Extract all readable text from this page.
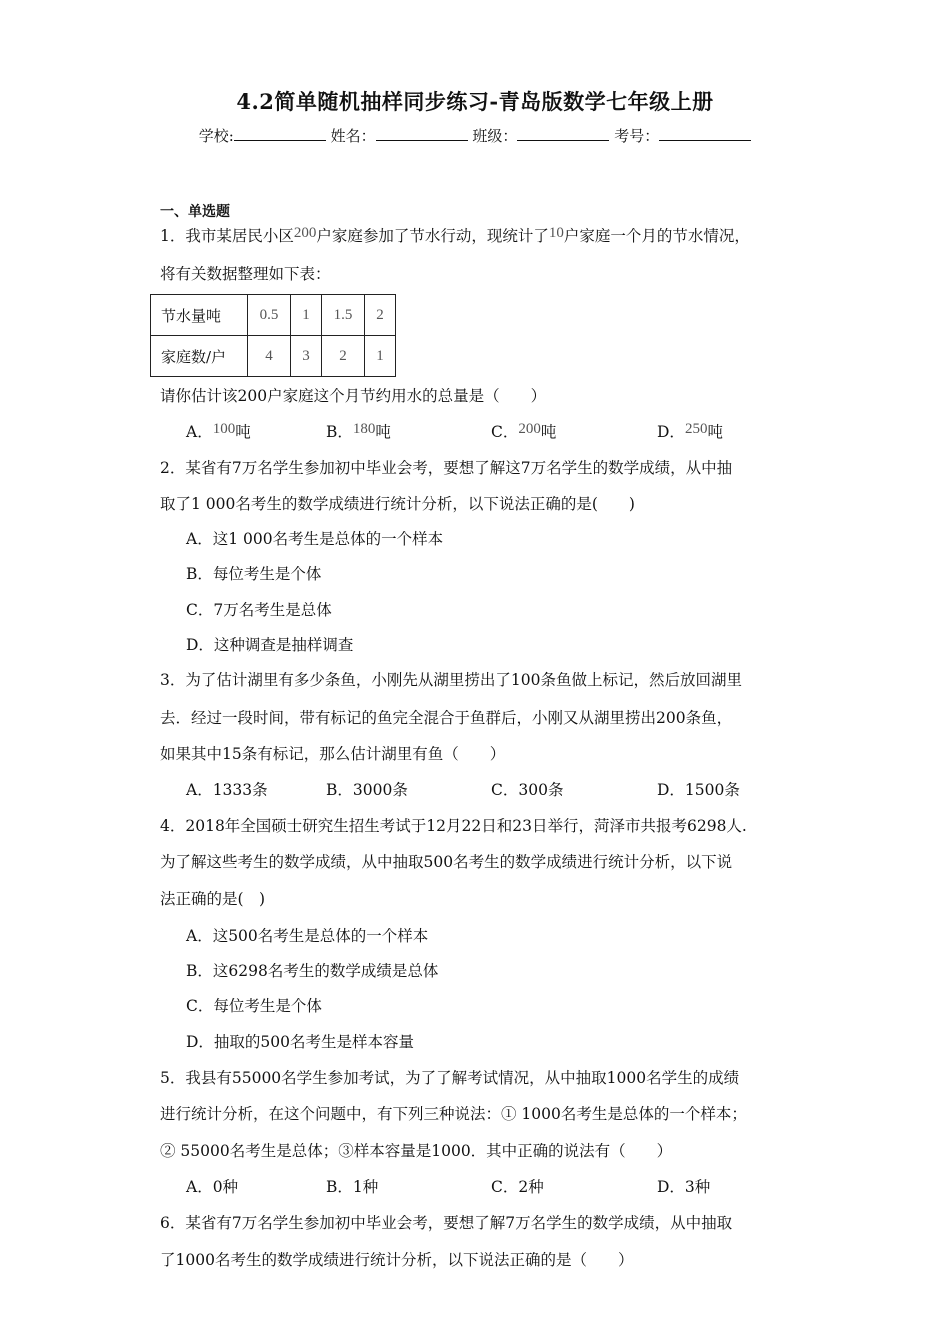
4.2简单随机抽样同步练习-青岛版数学七年级上册
学校:	姓名：	班级：	考号：
一、单选题
1．我市某居民小区200户家庭参加了节水行动，现统计了10户家庭一个月的节水情况，
将有关数据整理如下表：
节水量吨	0.5	1	1.5	2
家庭数/户	4	3	2	1
请你估计该200户家庭这个月节约用水的总量是（　　）
A．100吨	B．180吨	C．200吨	D．250吨
2．某省有7万名学生参加初中毕业会考，要想了解这7万名学生的数学成绩，从中抽
取了1 000名考生的数学成绩进行统计分析，以下说法正确的是(　　)
A．这1 000名考生是总体的一个样本
B．每位考生是个体
C．7万名考生是总体
D．这种调查是抽样调查
3．为了估计湖里有多少条鱼，小刚先从湖里捞出了100条鱼做上标记，然后放回湖里
去．经过一段时间，带有标记的鱼完全混合于鱼群后，小刚又从湖里捞出200条鱼，
如果其中15条有标记，那么估计湖里有鱼（　　）
A．1333条	B．3000条	C．300条	D．1500条
4．2018年全国硕士研究生招生考试于12月22日和23日举行，菏泽市共报考6298人.
为了解这些考生的数学成绩，从中抽取500名考生的数学成绩进行统计分析，以下说
法正确的是(　)
A．这500名考生是总体的一个样本
B．这6298名考生的数学成绩是总体
C．每位考生是个体
D．抽取的500名考生是样本容量
5．我县有55000名学生参加考试，为了了解考试情况，从中抽取1000名学生的成绩
进行统计分析，在这个问题中，有下列三种说法：① 1000名考生是总体的一个样本；
② 55000名考生是总体；③样本容量是1000．其中正确的说法有（　　）
A．0种	B．1种	C．2种	D．3种
6．某省有7万名学生参加初中毕业会考，要想了解7万名学生的数学成绩，从中抽取
了1000名考生的数学成绩进行统计分析，以下说法正确的是（　　）
